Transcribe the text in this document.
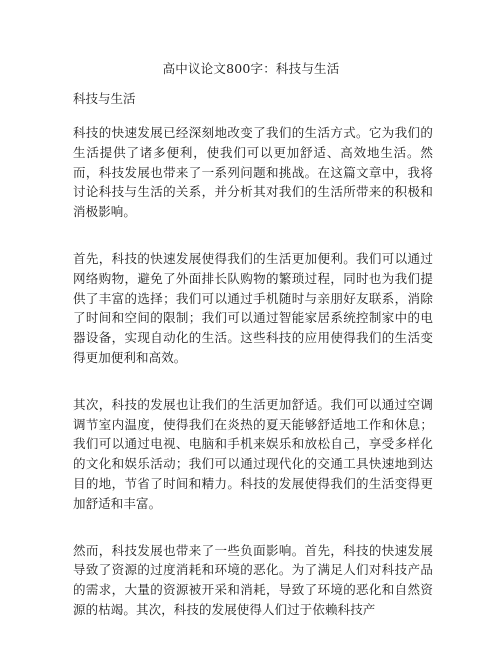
高中议论文800字：科技与生活
科技与生活

科技的快速发展已经深刻地改变了我们的生活方式。它为我们的生活提供了诸多便利，使我们可以更加舒适、高效地生活。然而，科技发展也带来了一系列问题和挑战。在这篇文章中，我将讨论科技与生活的关系，并分析其对我们的生活所带来的积极和消极影响。

首先，科技的快速发展使得我们的生活更加便利。我们可以通过网络购物，避免了外面排长队购物的繁琐过程，同时也为我们提供了丰富的选择；我们可以通过手机随时与亲朋好友联系，消除了时间和空间的限制；我们可以通过智能家居系统控制家中的电器设备，实现自动化的生活。这些科技的应用使得我们的生活变得更加便利和高效。

其次，科技的发展也让我们的生活更加舒适。我们可以通过空调调节室内温度，使得我们在炎热的夏天能够舒适地工作和休息；我们可以通过电视、电脑和手机来娱乐和放松自己，享受多样化的文化和娱乐活动；我们可以通过现代化的交通工具快速地到达目的地，节省了时间和精力。科技的发展使得我们的生活变得更加舒适和丰富。

然而，科技发展也带来了一些负面影响。首先，科技的快速发展导致了资源的过度消耗和环境的恶化。为了满足人们对科技产品的需求，大量的资源被开采和消耗，导致了环境的恶化和自然资源的枯竭。其次，科技的发展使得人们过于依赖科技产
